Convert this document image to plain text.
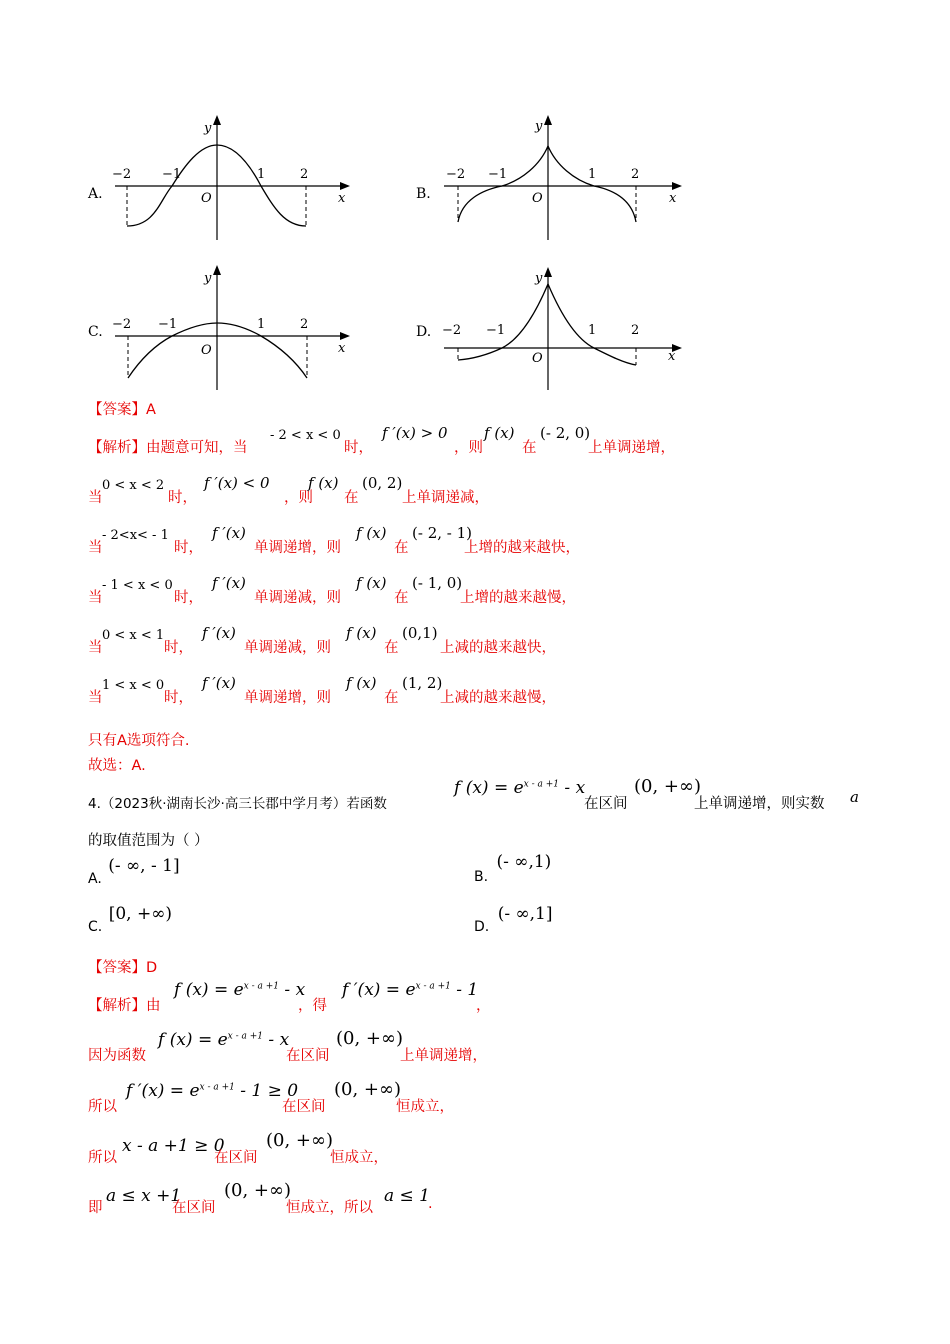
A.
y
x
O
−2 −1	1	2
B.
y
x
O
−2 −1	1	2
C.
y
x
O
−2 −1	1	2	D.
y
x
O
−2 −1	1	2
【答案】A
【解析】由题意可知，当
- 2 < x < 0
时，
f ′(x) > 0
，则
f (x)
在
(- 2, 0)
上单调递增，
当
0 < x < 2
时，
f ′(x) < 0
，则
f (x)
在
(0, 2)
上单调递减，
当
- 2<x< - 1
时，
f ′(x)
单调递增，则
f (x)
在
(- 2, - 1)
上增的越来越快，
当
- 1 < x < 0
时，
f ′(x)
单调递减，则
f (x)
在
(- 1, 0)
上增的越来越慢，
当
0 < x < 1
时，
f ′(x)
单调递减，则
f (x)
在
(0,1)
上减的越来越快，
当
1 < x < 0
时，
f ′(x)
单调递增，则
f (x)
在
(1, 2)
上减的越来越慢，
只有A选项符合.
故选：A.
4.（2023秋·湖南长沙·高三长郡中学月考）若函数
f $(x) = e^{x - a +1} - x$
在区间
(0, +∞)
上单调递增，则实数 a
的取值范围为（ ）
A. (- ∞, - 1]
B. (- ∞,1)
C. [0, +∞)
D. (- ∞,1]
【答案】D
【解析】由
f $(x) = e^{x - a +1} - x$
，得
f $'(x) = e^{x - a +1} - 1$
，
因为函数
f $(x) = e^{x - a +1} - x$
在区间
(0, +∞)
上单调递增，
所以
f $'(x) = e^{x - a +1} - 1 \ge 0$
在区间
(0, +∞)
恒成立，
所以
x - a +1 ≥ 0
在区间
(0, +∞)
恒成立，
即
a ≤ x +1
在区间
(0, +∞)
恒成立，所以
a ≤ 1
.
